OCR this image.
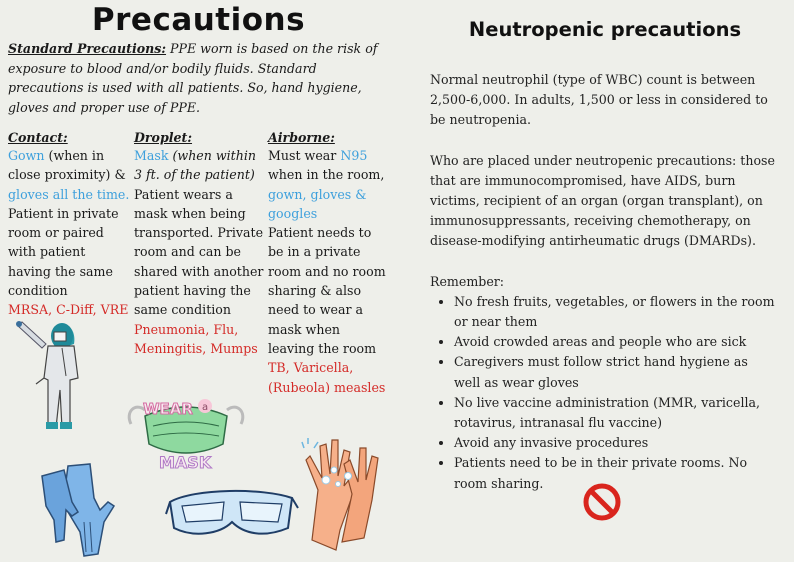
Precautions
Standard Precautions: PPE worn is based on the risk of exposure to blood and/or bodily fluids. Standard precautions is used with all patients. So, hand hygiene, gloves and proper use of PPE.
Contact:
Gown (when in close proximity) &
gloves all the time.
Patient in private room or paired with patient having the same condition
MRSA, C-Diff, VRE
Droplet:
Mask (when within 3 ft. of the patient)
Patient wears a mask when being transported. Private room and can be shared with another patient having the same condition
Pneumonia, Flu, Meningitis, Mumps
Airborne:
Must wear N95 when in the room,
gown, gloves & googles
Patient needs to be in a private room and no room sharing & also need to wear a mask when leaving the room
TB, Varicella, (Rubeola) measles
WEAR a
MASK
Neutropenic precautions

Normal neutrophil (type of WBC) count is between 2,500-6,000. In adults, 1,500 or less in considered to be neutropenia.

Who are placed under neutropenic precautions: those that are immunocompromised, have AIDS, burn victims, recipient of an organ (organ transplant), on immunosuppressants, receiving chemotherapy, on disease-modifying antirheumatic drugs (DMARDs).

Remember:
• No fresh fruits, vegetables, or flowers in the room or near them
• Avoid crowded areas and people who are sick
• Caregivers must follow strict hand hygiene as well as wear gloves
• No live vaccine administration (MMR, varicella, rotavirus, intranasal flu vaccine)
• Avoid any invasive procedures
• Patients need to be in their private rooms. No room sharing.
